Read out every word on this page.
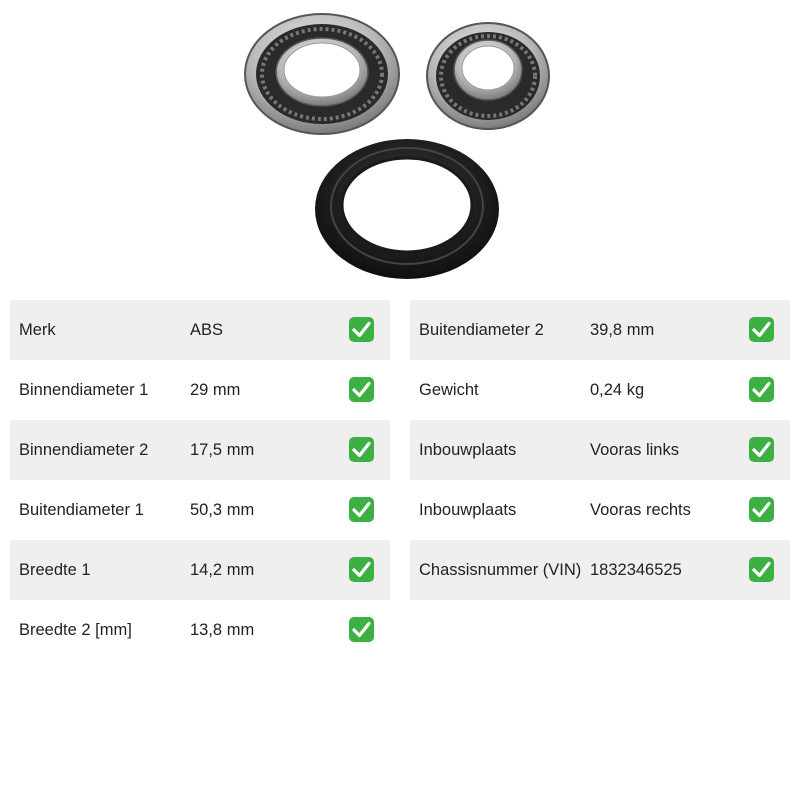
Merk	ABS
Binnendiameter 1	29 mm
Binnendiameter 2	17,5 mm
Buitendiameter 1	50,3 mm
Breedte 1	14,2 mm
Breedte 2 [mm]	13,8 mm
Buitendiameter 2	39,8 mm
Gewicht	0,24 kg
Inbouwplaats	Vooras links
Inbouwplaats	Vooras rechts
Chassisnummer (VIN) 1832346525
